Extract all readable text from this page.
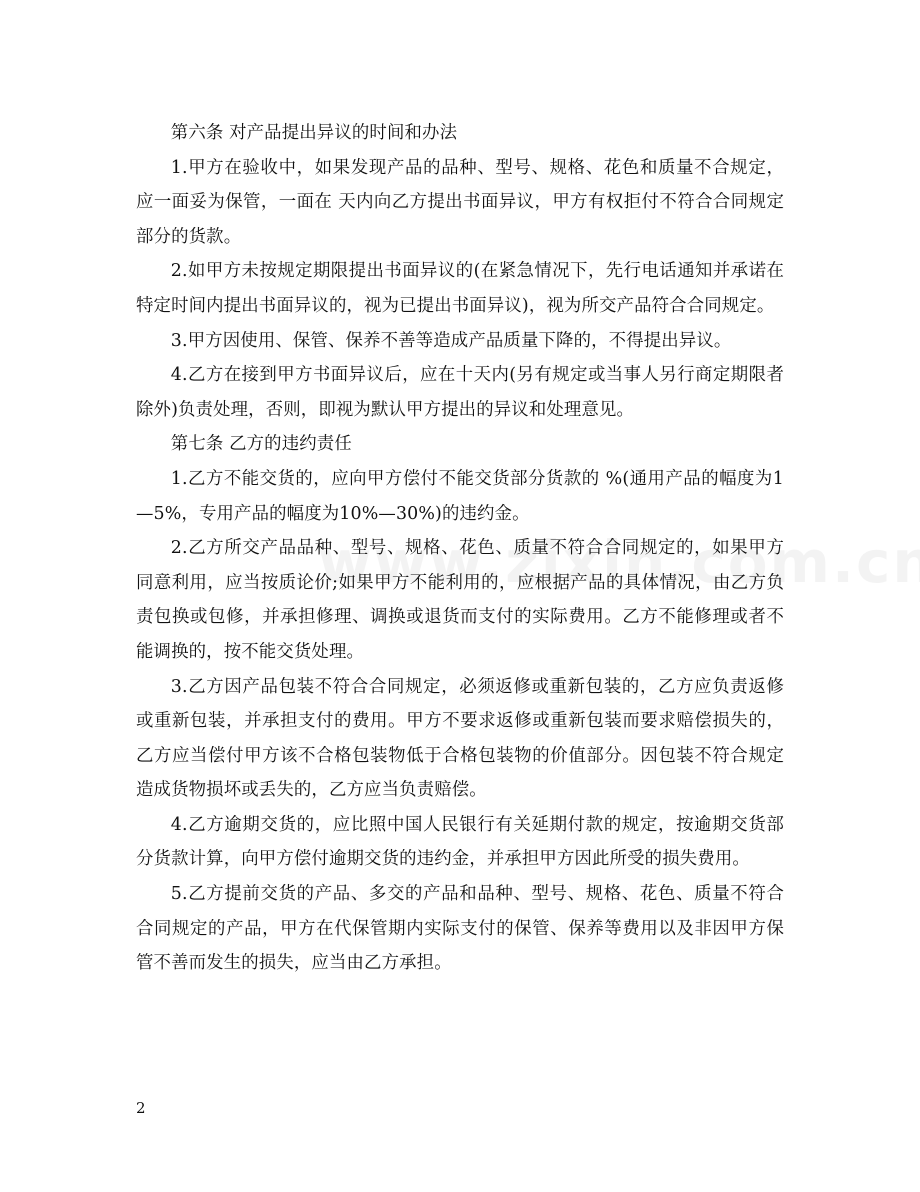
第六条 对产品提出异议的时间和办法

1.甲方在验收中，如果发现产品的品种、型号、规格、花色和质量不合规定，应一面妥为保管，一面在 天内向乙方提出书面异议，甲方有权拒付不符合合同规定部分的货款。

2.如甲方未按规定期限提出书面异议的(在紧急情况下，先行电话通知并承诺在特定时间内提出书面异议的，视为已提出书面异议)，视为所交产品符合合同规定。

3.甲方因使用、保管、保养不善等造成产品质量下降的，不得提出异议。

4.乙方在接到甲方书面异议后，应在十天内(另有规定或当事人另行商定期限者除外)负责处理，否则，即视为默认甲方提出的异议和处理意见。

第七条 乙方的违约责任

1.乙方不能交货的，应向甲方偿付不能交货部分货款的 %(通用产品的幅度为1—5%，专用产品的幅度为10%—30%)的违约金。

2.乙方所交产品品种、型号、规格、花色、质量不符合合同规定的，如果甲方同意利用，应当按质论价;如果甲方不能利用的，应根据产品的具体情况，由乙方负责包换或包修，并承担修理、调换或退货而支付的实际费用。乙方不能修理或者不能调换的，按不能交货处理。

3.乙方因产品包装不符合合同规定，必须返修或重新包装的，乙方应负责返修或重新包装，并承担支付的费用。甲方不要求返修或重新包装而要求赔偿损失的，乙方应当偿付甲方该不合格包装物低于合格包装物的价值部分。因包装不符合规定造成货物损坏或丢失的，乙方应当负责赔偿。

4.乙方逾期交货的，应比照中国人民银行有关延期付款的规定，按逾期交货部分货款计算，向甲方偿付逾期交货的违约金，并承担甲方因此所受的损失费用。

5.乙方提前交货的产品、多交的产品和品种、型号、规格、花色、质量不符合合同规定的产品，甲方在代保管期内实际支付的保管、保养等费用以及非因甲方保管不善而发生的损失，应当由乙方承担。

2
